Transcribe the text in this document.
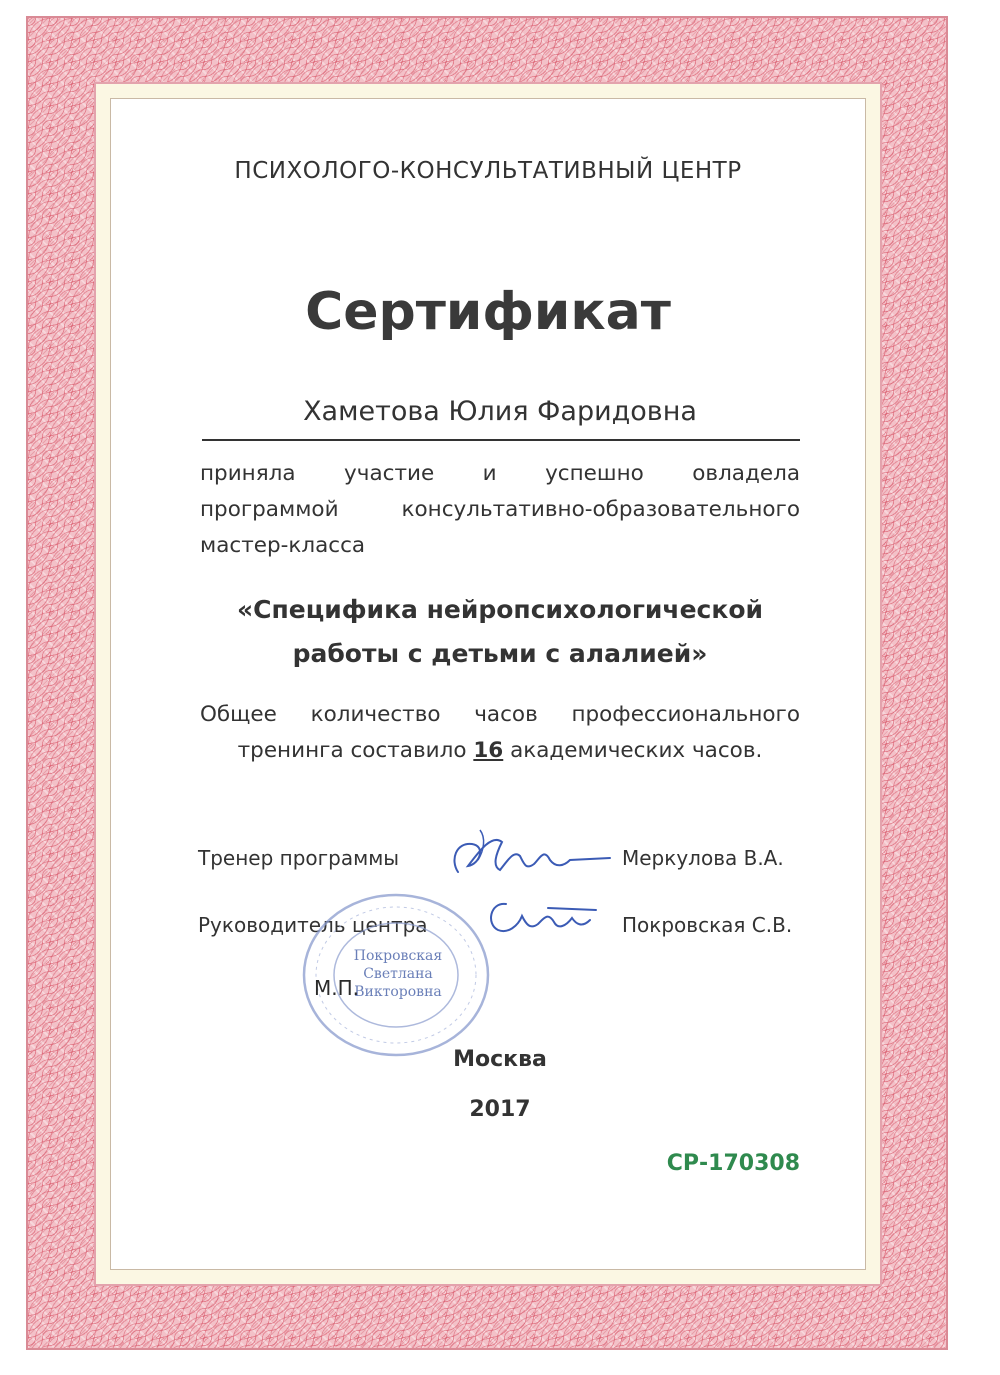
ПСИХОЛОГО-КОНСУЛЬТАТИВНЫЙ ЦЕНТР

Сертификат

Хаметова Юлия Фаридовна

приняла участие и успешно овладела
программой консультативно-образовательного
мастер-класса
«Специфика нейропсихологической
работы с детьми с алалией»
Общее количество часов профессионального
тренинга составило 16 академических часов.

Тренер программы	Меркулова В.А.

Руководитель центра	Покровская С.В.

Покровская
Светлана
Викторовна

М.П.

Москва

2017

СР-170308
